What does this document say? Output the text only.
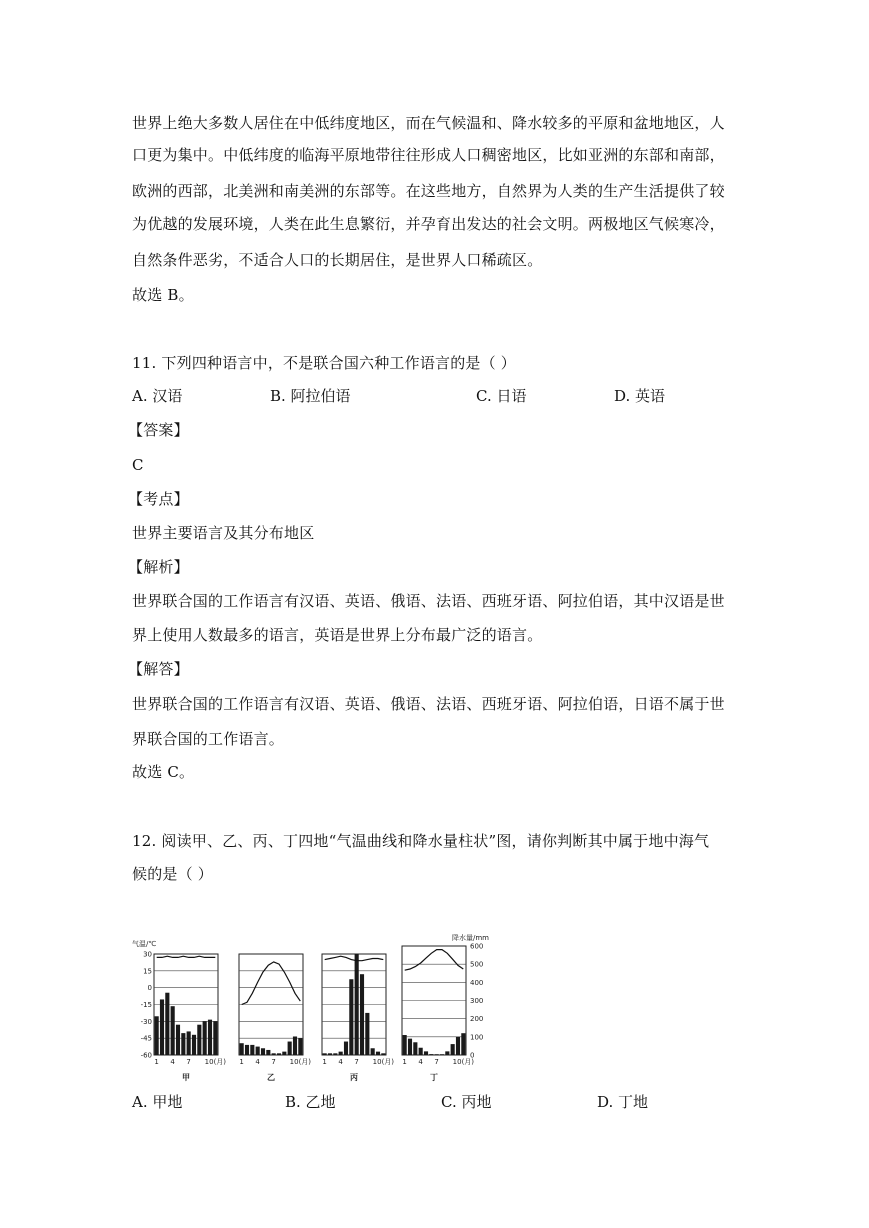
世界上绝大多数人居住在中低纬度地区，而在气候温和、降水较多的平原和盆地地区，人
口更为集中。中低纬度的临海平原地带往往形成人口稠密地区，比如亚洲的东部和南部，
欧洲的西部，北美洲和南美洲的东部等。在这些地方，自然界为人类的生产生活提供了较
为优越的发展环境，人类在此生息繁衍，并孕育出发达的社会文明。两极地区气候寒冷，
自然条件恶劣，不适合人口的长期居住，是世界人口稀疏区。
故选 B。
11. 下列四种语言中，不是联合国六种工作语言的是（ ）
A. 汉语	B. 阿拉伯语	C. 日语	D. 英语
【答案】
C
【考点】
世界主要语言及其分布地区
【解析】
世界联合国的工作语言有汉语、英语、俄语、法语、西班牙语、阿拉伯语，其中汉语是世
界上使用人数最多的语言，英语是世界上分布最广泛的语言。
【解答】
世界联合国的工作语言有汉语、英语、俄语、法语、西班牙语、阿拉伯语，日语不属于世
界联合国的工作语言。
故选 C。
12. 阅读甲、乙、丙、丁四地“气温曲线和降水量柱状”图，请你判断其中属于地中海气
候的是（ ）
气温/℃
30
15
0
-15
-30
-45
-60
降水量/mm
600
500
400
300
200
100
0
1 4 7 10(月)
甲
1 4 7 10(月)
乙
1 4 7 10(月)
丙
1 4 7 10(月)
丁
A. 甲地	B. 乙地	C. 丙地	D. 丁地
